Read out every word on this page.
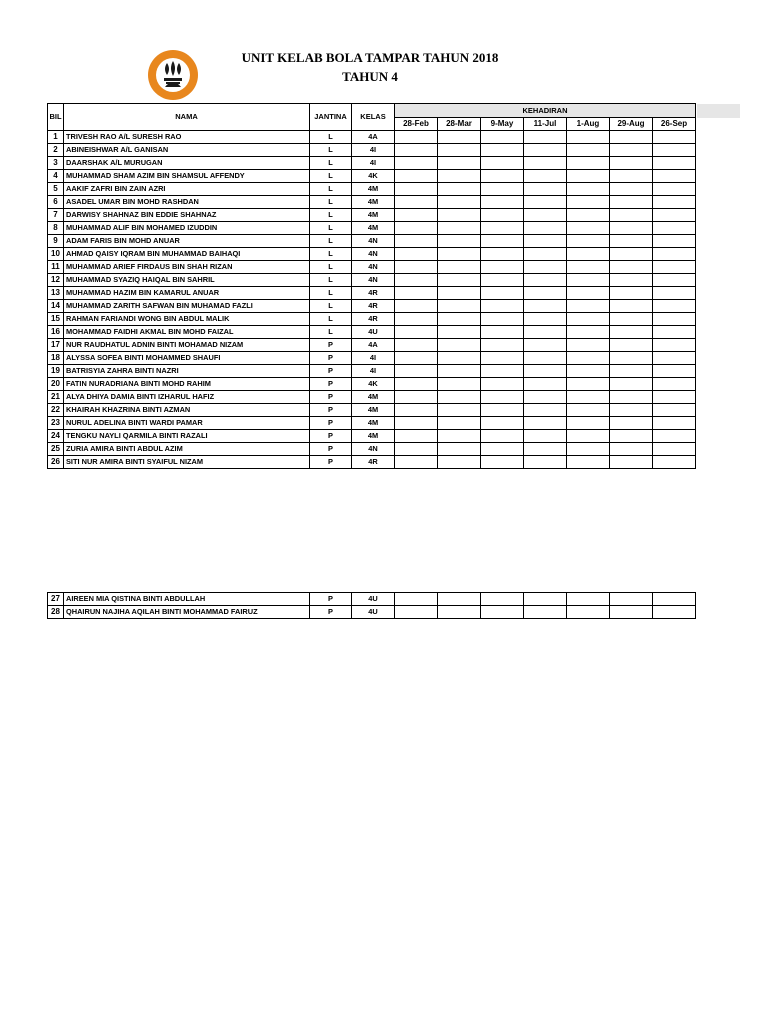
UNIT KELAB BOLA TAMPAR TAHUN 2018
TAHUN 4
BIL	NAMA	JANTINA	KELAS	KEHADIRAN						
				28-Feb	28-Mar	9-May	11-Jul	1-Aug	29-Aug	26-Sep
1	TRIVESH RAO A/L SURESH RAO	L	4A							
2	ABINEISHWAR A/L GANISAN	L	4I							
3	DAARSHAK A/L MURUGAN	L	4I							
4	MUHAMMAD SHAM AZIM BIN SHAMSUL AFFENDY	L	4K							
5	AAKIF ZAFRI BIN ZAIN AZRI	L	4M							
6	ASADEL UMAR BIN MOHD RASHDAN	L	4M							
7	DARWISY SHAHNAZ BIN EDDIE SHAHNAZ	L	4M							
8	MUHAMMAD ALIF BIN MOHAMED IZUDDIN	L	4M							
9	ADAM FARIS BIN MOHD ANUAR	L	4N							
10	AHMAD QAISY IQRAM BIN MUHAMMAD BAIHAQI	L	4N							
11	MUHAMMAD ARIEF FIRDAUS BIN SHAH RIZAN	L	4N							
12	MUHAMMAD SYAZIQ HAIQAL BIN SAHRIL	L	4N							
13	MUHAMMAD HAZIM BIN KAMARUL ANUAR	L	4R							
14	MUHAMMAD ZARITH SAFWAN BIN MUHAMAD FAZLI	L	4R							
15	RAHMAN FARIANDI WONG BIN ABDUL MALIK	L	4R							
16	MOHAMMAD FAIDHI AKMAL BIN MOHD FAIZAL	L	4U							
17	NUR RAUDHATUL ADNIN BINTI MOHAMAD NIZAM	P	4A							
18	ALYSSA SOFEA BINTI MOHAMMED SHAUFI	P	4I							
19	BATRISYIA ZAHRA BINTI NAZRI	P	4I							
20	FATIN NURADRIANA BINTI MOHD RAHIM	P	4K							
21	ALYA DHIYA DAMIA BINTI IZHARUL HAFIZ	P	4M							
22	KHAIRAH KHAZRINA BINTI AZMAN	P	4M							
23	NURUL ADELINA BINTI WARDI PAMAR	P	4M							
24	TENGKU NAYLI QARMILA BINTI RAZALI	P	4M							
25	ZURIA AMIRA BINTI ABDUL AZIM	P	4N							
26	SITI NUR AMIRA BINTI SYAIFUL NIZAM	P	4R							
27	AIREEN MIA QISTINA BINTI ABDULLAH	P	4U							
28	QHAIRUN NAJIHA AQILAH BINTI MOHAMMAD FAIRUZ	P	4U							
